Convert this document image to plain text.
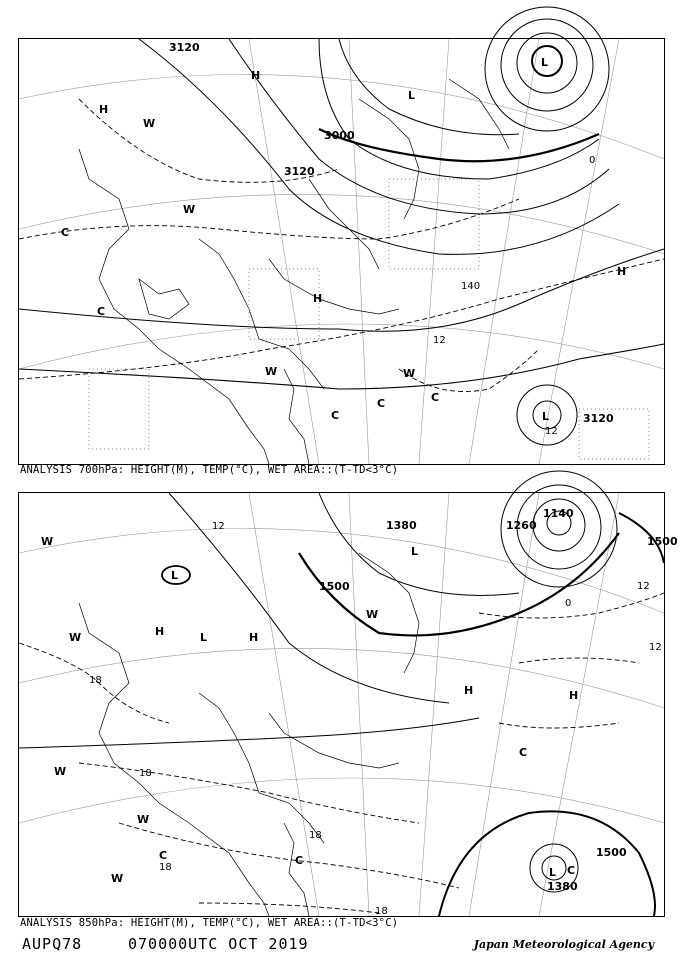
140
3120
3000
3120
3120
12
12
0
H
H
H
H
L
L
L
W
W
W	W
C
C
C
C	C
ANALYSIS 700hPa: HEIGHT(M), TEMP(°C), WET AREA::(T-TD<3°C)
1500
1500
1500
1380
1380
1260
1140
12
12
12
0
18
18
18
18
18
H	H
H	H
L
L
L
L
W
W
W
W
W
W
C	C
C
C
ANALYSIS 850hPa: HEIGHT(M), TEMP(°C), WET AREA::(T-TD<3°C)
AUPQ78	070000UTC OCT 2019	Japan Meteorological Agency
